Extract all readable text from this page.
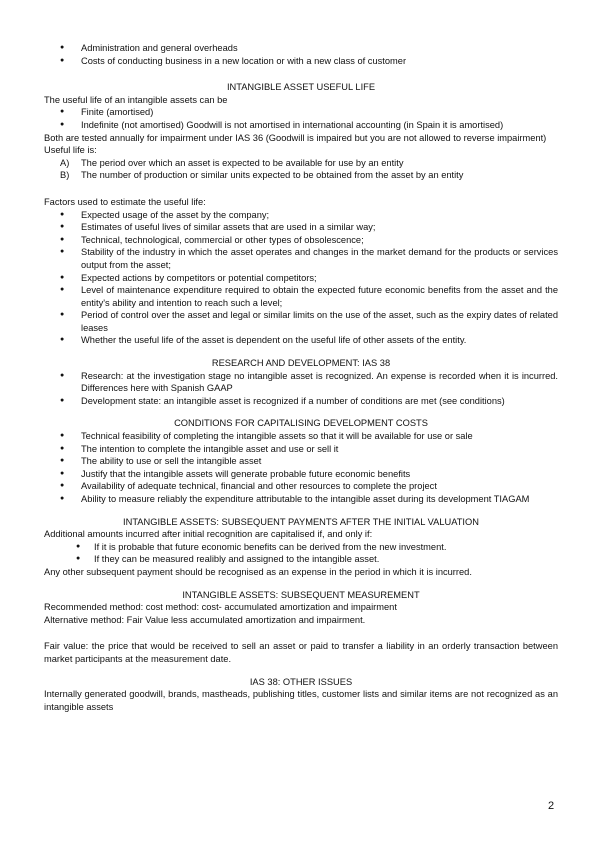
● Administration and general overheads
● Costs of conducting business in a new location or with a new class of customer

INTANGIBLE ASSET USEFUL LIFE

The useful life of an intangible assets can be

● Finite (amortised)
● Indefinite (not amortised) Goodwill is not amortised in international accounting (in Spain it is amortised)

Both are tested annually for impairment under IAS 36 (Goodwill is impaired but you are not allowed to reverse impairment)

Useful life is:

A) The period over which an asset is expected to be available for use by an entity
B) The number of production or similar units expected to be obtained from the asset by an entity

Factors used to estimate the useful life:

● Expected usage of the asset by the company;
● Estimates of useful lives of similar assets that are used in a similar way;
● Technical, technological, commercial or other types of obsolescence;
● Stability of the industry in which the asset operates and changes in the market demand for the products or services output from the asset;
● Expected actions by competitors or potential competitors;
● Level of maintenance expenditure required to obtain the expected future economic benefits from the asset and the entity's ability and intention to reach such a level;
● Period of control over the asset and legal or similar limits on the use of the asset, such as the expiry dates of related leases
● Whether the useful life of the asset is dependent on the useful life of other assets of the entity.

RESEARCH AND DEVELOPMENT: IAS 38

● Research: at the investigation stage no intangible asset is recognized. An expense is recorded when it is incurred. Differences here with Spanish GAAP
● Development state: an intangible asset is recognized if a number of conditions are met (see conditions)

CONDITIONS FOR CAPITALISING DEVELOPMENT COSTS

● Technical feasibility of completing the intangible assets so that it will be available for use or sale
● The intention to complete the intangible asset and use or sell it
● The ability to use or sell the intangible asset
● Justify that the intangible assets will generate probable future economic benefits
● Availability of adequate technical, financial and other resources to complete the project
● Ability to measure reliably the expenditure attributable to the intangible asset during its development TIAGAM

INTANGIBLE ASSETS: SUBSEQUENT PAYMENTS AFTER THE INITIAL VALUATION

Additional amounts incurred after initial recognition are capitalised if, and only if:

● If it is probable that future economic benefits can be derived from the new investment.
● If they can be measured realibly and assigned to the intangible asset.

Any other subsequent payment should be recognised as an expense in the period in which it is incurred.

INTANGIBLE ASSETS: SUBSEQUENT MEASUREMENT

Recommended method: cost method: cost- accumulated amortization and impairment

Alternative method: Fair Value less accumulated amortization and impairment.

Fair value: the price that would be received to sell an asset or paid to transfer a liability in an orderly transaction between market participants at the measurement date.

IAS 38: OTHER ISSUES

Internally generated goodwill, brands, mastheads, publishing titles, customer lists and similar items are not recognized as an intangible assets

2
